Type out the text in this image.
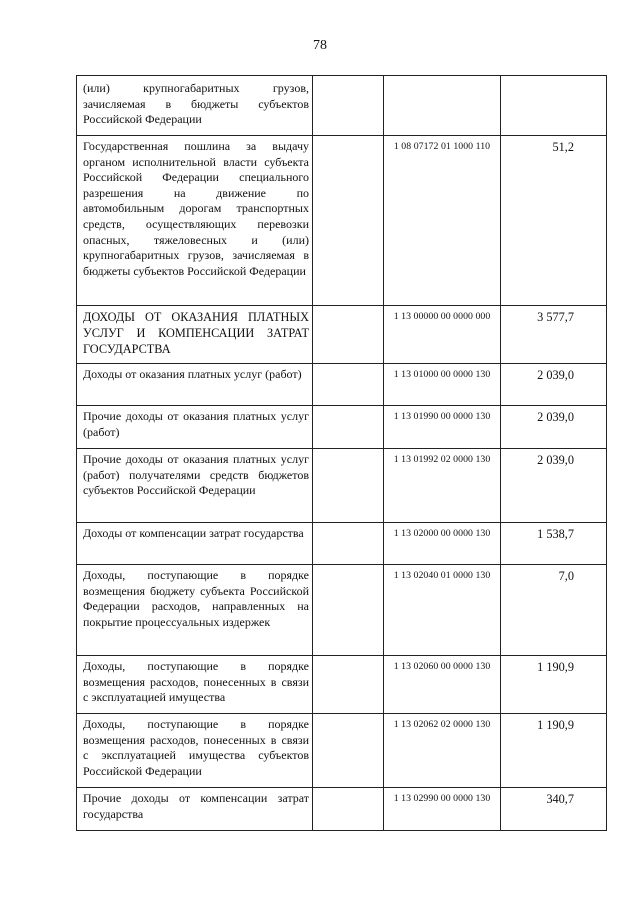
78
(или) крупногабаритных грузов, зачисляемая в бюджеты субъектов Российской Федерации			

Государственная пошлина за выдачу органом исполнительной власти субъекта Российской Федерации специального разрешения на движение по автомобильным дорогам транспортных средств, осуществляющих перевозки опасных, тяжеловесных и (или) крупногабаритных грузов, зачисляемая в бюджеты субъектов Российской Федерации		1 08 07172 01 1000 110	51,2

ДОХОДЫ ОТ ОКАЗАНИЯ ПЛАТНЫХ УСЛУГ И КОМПЕНСАЦИИ ЗАТРАТ ГОСУДАРСТВА		1 13 00000 00 0000 000	3 577,7

Доходы от оказания платных услуг (работ)		1 13 01000 00 0000 130	2 039,0

Прочие доходы от оказания платных услуг (работ)		1 13 01990 00 0000 130	2 039,0

Прочие доходы от оказания платных услуг (работ) получателями средств бюджетов субъектов Российской Федерации		1 13 01992 02 0000 130	2 039,0

Доходы от компенсации затрат государства		1 13 02000 00 0000 130	1 538,7

Доходы, поступающие в порядке возмещения бюджету субъекта Российской Федерации расходов, направленных на покрытие процессуальных издержек		1 13 02040 01 0000 130	7,0

Доходы, поступающие в порядке возмещения расходов, понесенных в связи с эксплуатацией имущества		1 13 02060 00 0000 130	1 190,9

Доходы, поступающие в порядке возмещения расходов, понесенных в связи с эксплуатацией имущества субъектов Российской Федерации		1 13 02062 02 0000 130	1 190,9

Прочие доходы от компенсации затрат государства		1 13 02990 00 0000 130	340,7
